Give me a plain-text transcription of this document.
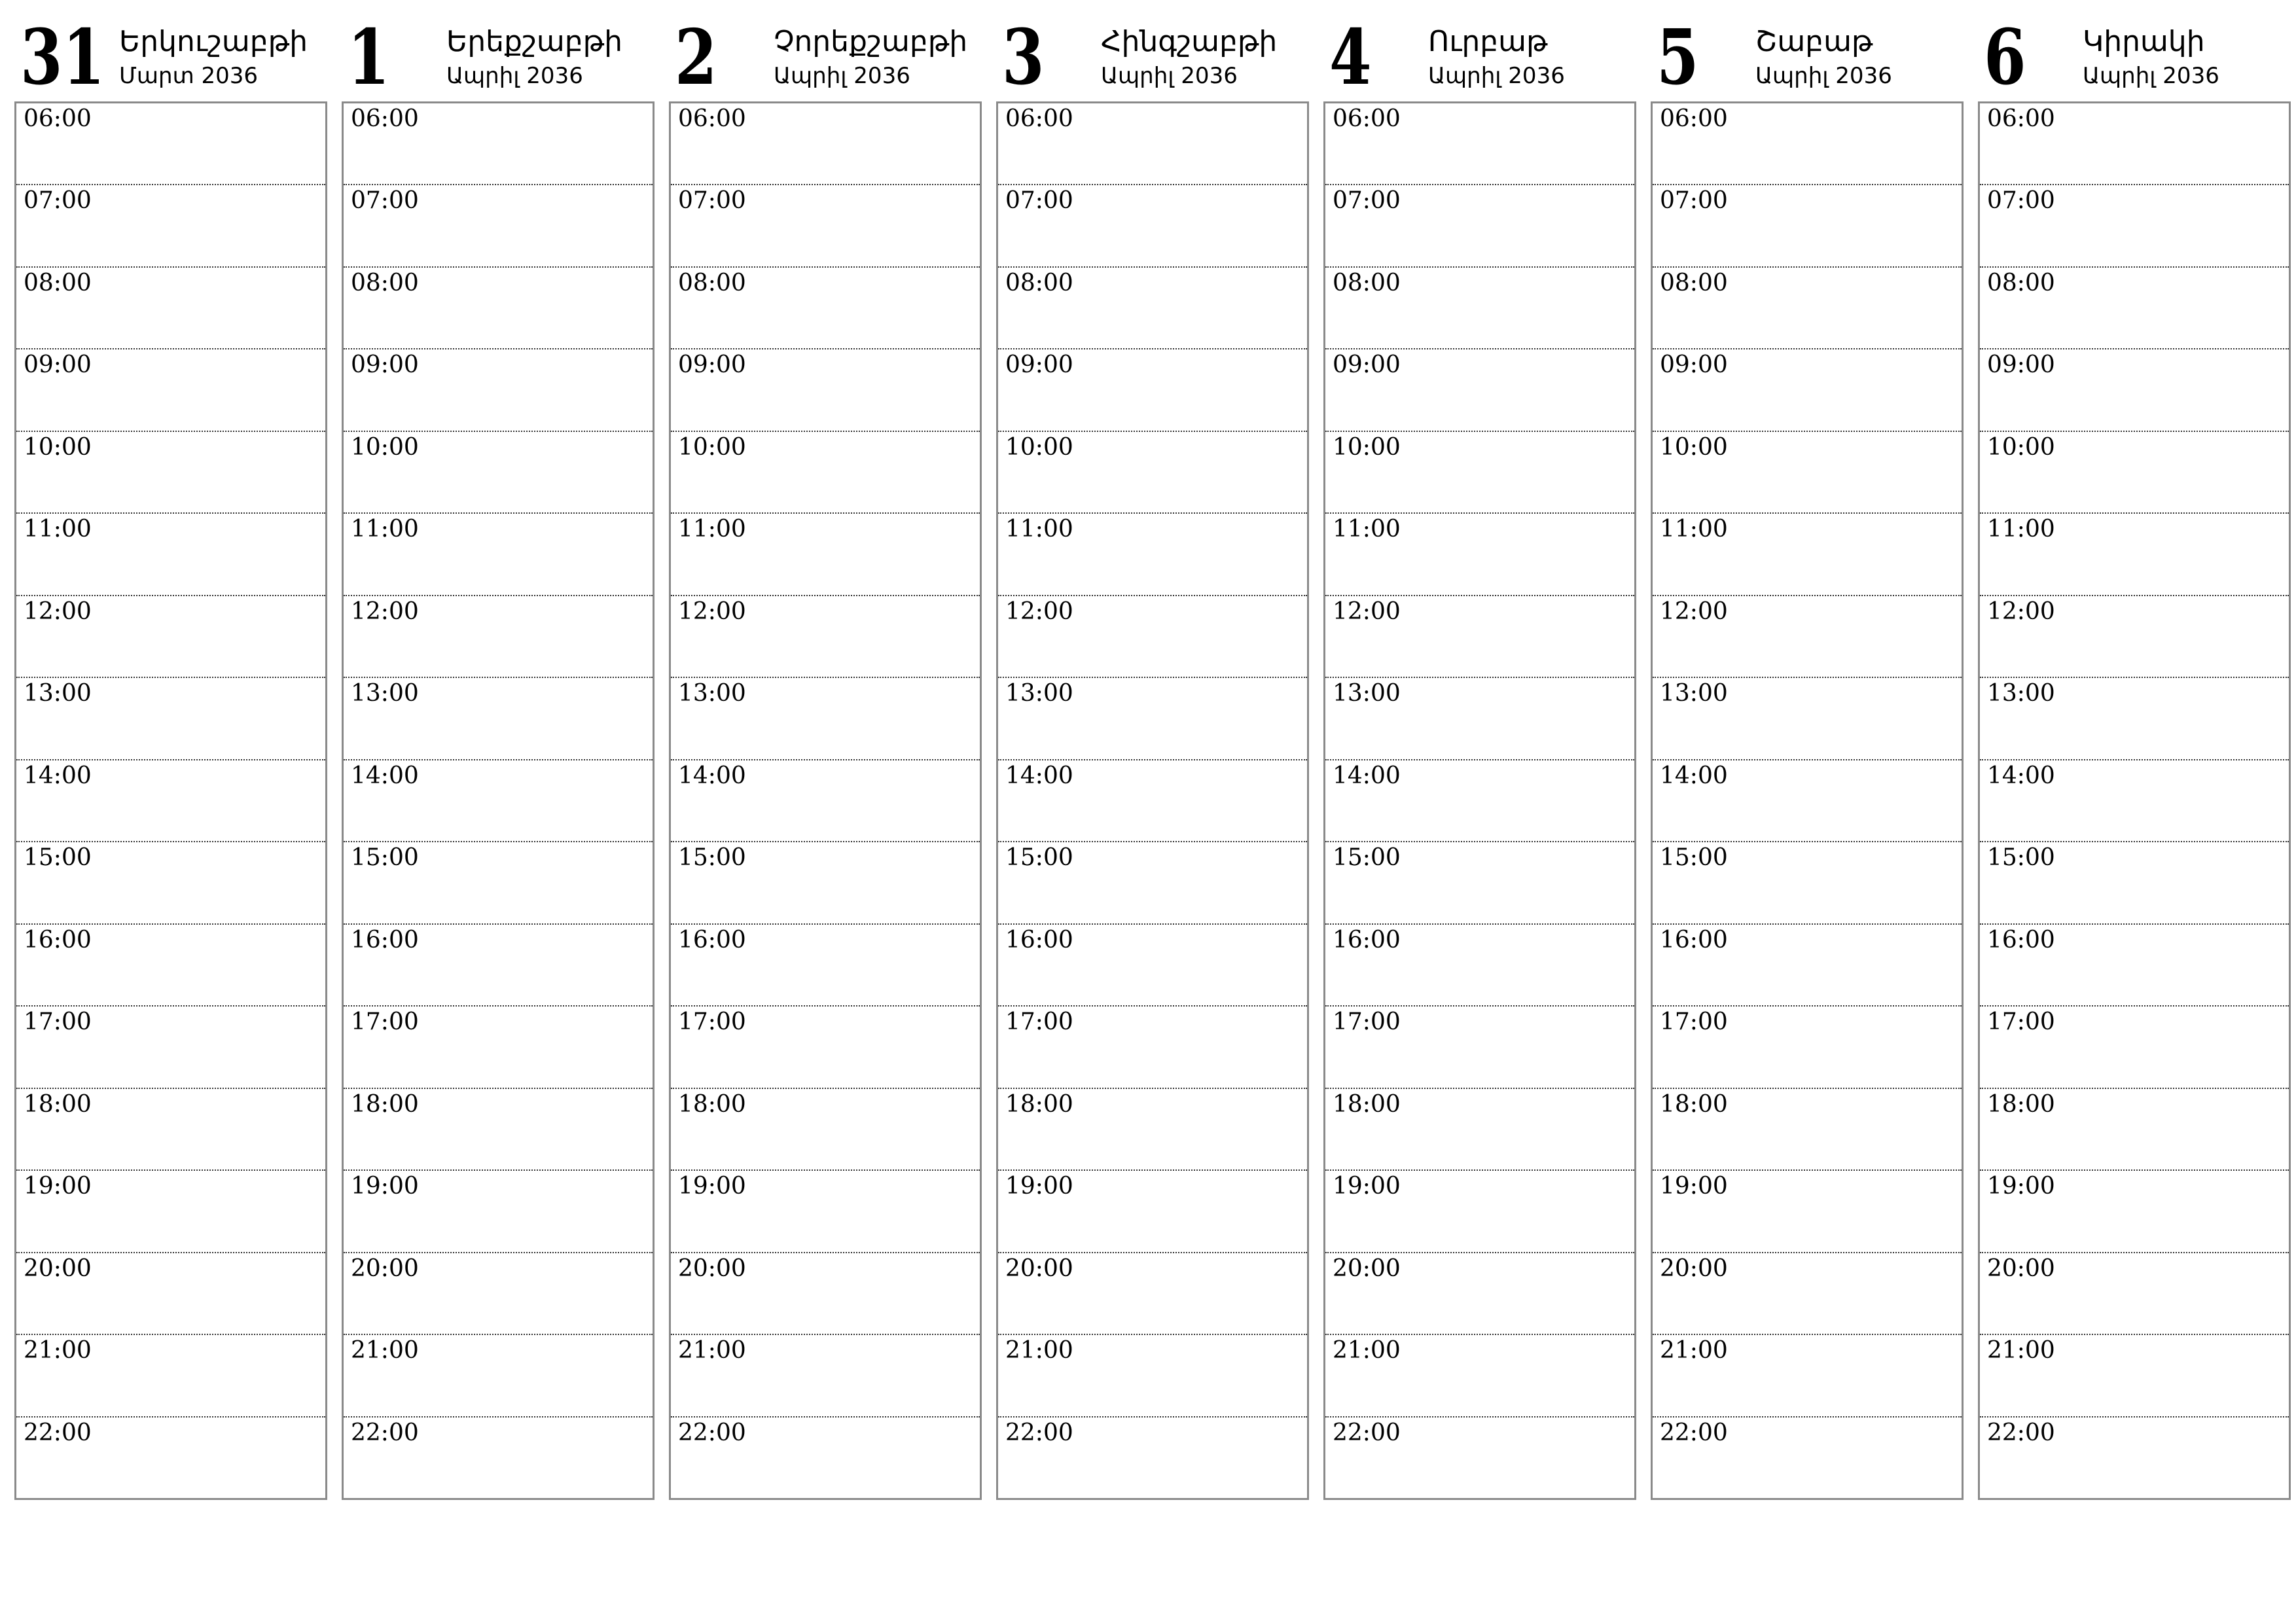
31 Երկուշաբթի
Մարտ 2036
06:00
07:00
08:00
09:00
10:00
11:00
12:00
13:00
14:00
15:00
16:00
17:00
18:00
19:00
20:00
21:00
22:00
1 Երեքշաբթի
Ապրիլ 2036
06:00
07:00
08:00
09:00
10:00
11:00
12:00
13:00
14:00
15:00
16:00
17:00
18:00
19:00
20:00
21:00
22:00
2 Չորեքշաբթի
Ապրիլ 2036
06:00
07:00
08:00
09:00
10:00
11:00
12:00
13:00
14:00
15:00
16:00
17:00
18:00
19:00
20:00
21:00
22:00
3 Հինգշաբթի
Ապրիլ 2036
06:00
07:00
08:00
09:00
10:00
11:00
12:00
13:00
14:00
15:00
16:00
17:00
18:00
19:00
20:00
21:00
22:00
4 Ուրբաթ
Ապրիլ 2036
06:00
07:00
08:00
09:00
10:00
11:00
12:00
13:00
14:00
15:00
16:00
17:00
18:00
19:00
20:00
21:00
22:00
5 Շաբաթ
Ապրիլ 2036
06:00
07:00
08:00
09:00
10:00
11:00
12:00
13:00
14:00
15:00
16:00
17:00
18:00
19:00
20:00
21:00
22:00
6 Կիրակի
Ապրիլ 2036
06:00
07:00
08:00
09:00
10:00
11:00
12:00
13:00
14:00
15:00
16:00
17:00
18:00
19:00
20:00
21:00
22:00
